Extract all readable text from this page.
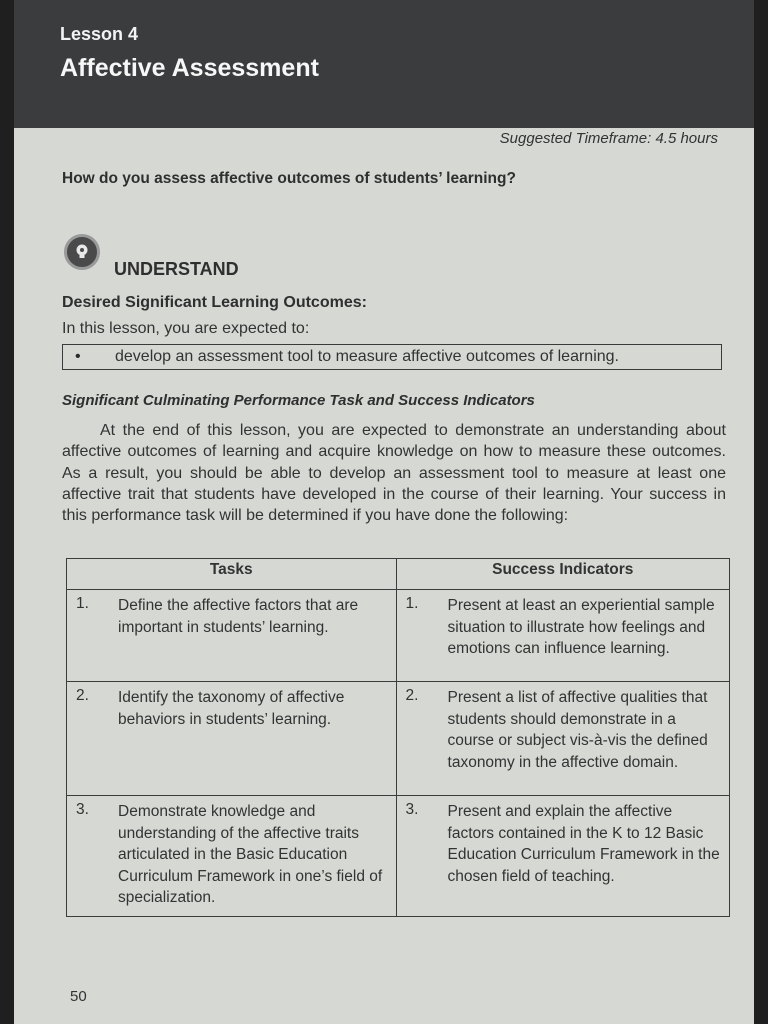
Lesson 4
Affective Assessment
Suggested Timeframe: 4.5 hours
How do you assess affective outcomes of students’ learning?
UNDERSTAND
Desired Significant Learning Outcomes:
In this lesson, you are expected to:
• develop an assessment tool to measure affective outcomes of learning.
Significant Culminating Performance Task and Success Indicators

At the end of this lesson, you are expected to demonstrate an understanding about affective outcomes of learning and acquire knowledge on how to measure these outcomes. As a result, you should be able to develop an assessment tool to measure at least one affective trait that students have developed in the course of their learning. Your success in this performance task will be determined if you have done the following:

Tasks	Success Indicators

1. Define the affective factors that are important in students’ learning.	1. Present at least an experiential sample situation to illustrate how feelings and emotions can influence learning.

2. Identify the taxonomy of affective behaviors in students’ learning.	2. Present a list of affective qualities that students should demonstrate in a course or subject vis-à-vis the defined taxonomy in the affective domain.

3. Demonstrate knowledge and understanding of the affective traits articulated in the Basic Education Curriculum Framework in one’s field of specialization.	3. Present and explain the affective factors contained in the K to 12 Basic Education Curriculum Framework in the chosen field of teaching.
50
